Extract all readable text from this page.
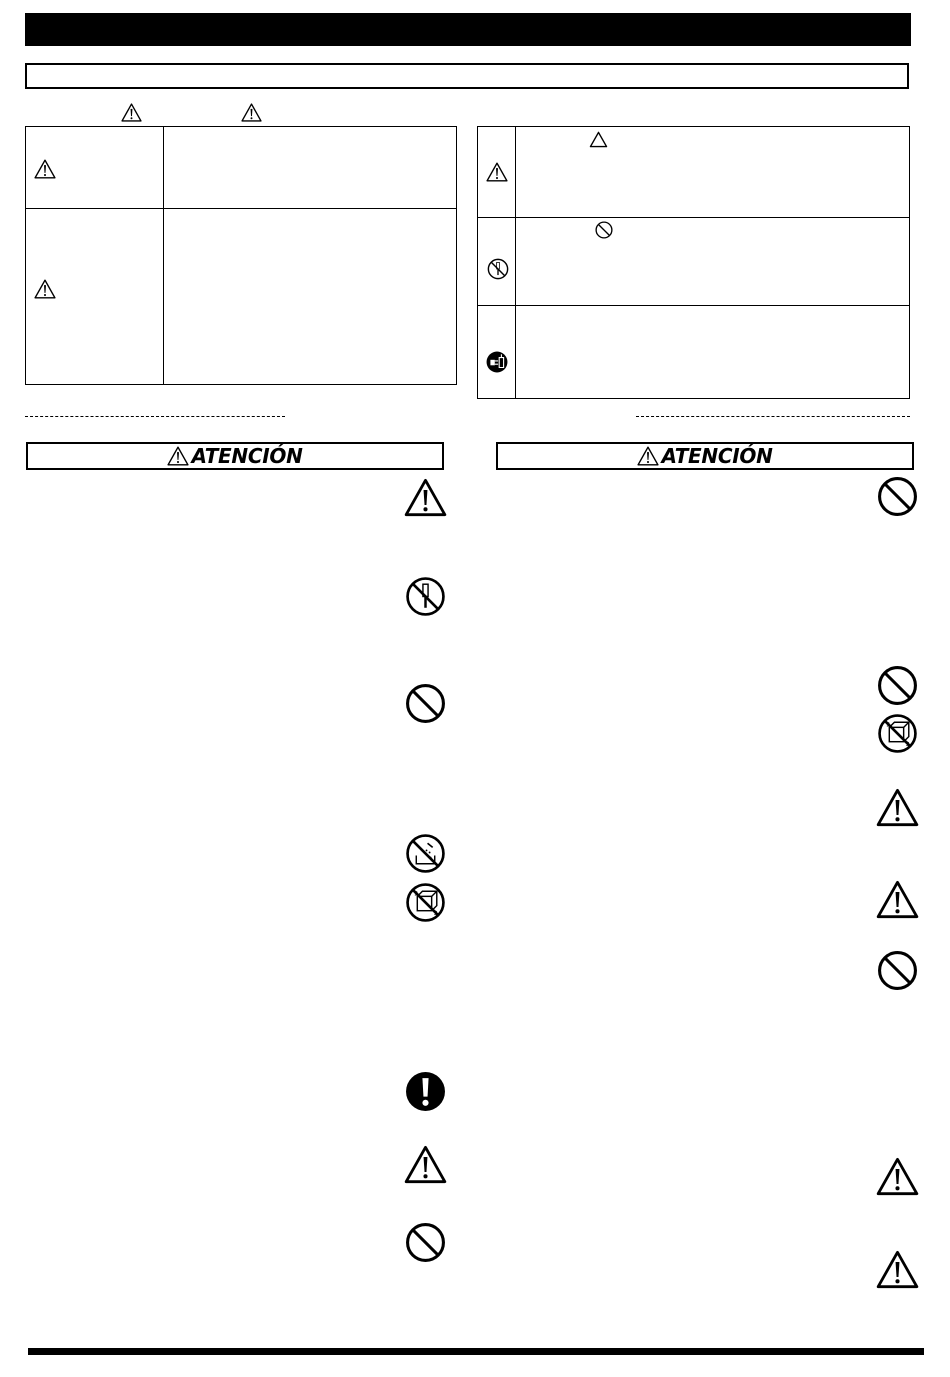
ATENCIÓN	ATENCIÓN
